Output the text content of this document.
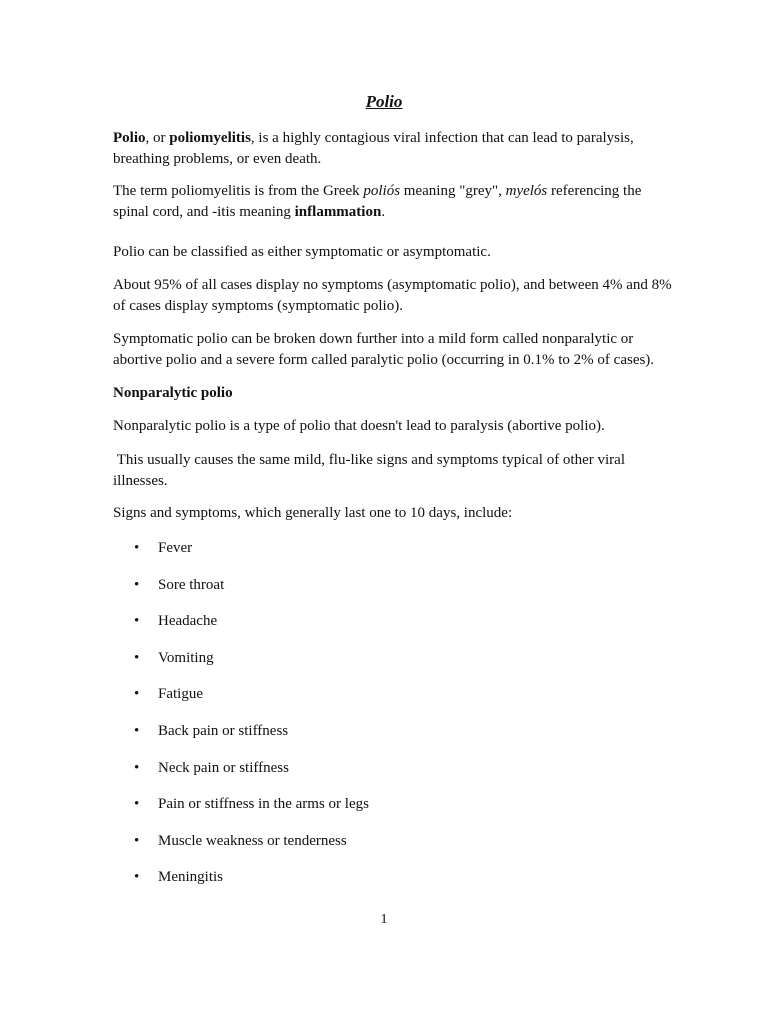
Polio

Polio, or poliomyelitis, is a highly contagious viral infection that can lead to paralysis, breathing problems, or even death.

The term poliomyelitis is from the Greek poliós meaning "grey", myelós referencing the spinal cord, and -itis meaning inflammation.

Polio can be classified as either symptomatic or asymptomatic.

About 95% of all cases display no symptoms (asymptomatic polio), and between 4% and 8% of cases display symptoms (symptomatic polio).

Symptomatic polio can be broken down further into a mild form called nonparalytic or abortive polio and a severe form called paralytic polio (occurring in 0.1% to 2% of cases).

Nonparalytic polio

Nonparalytic polio is a type of polio that doesn't lead to paralysis (abortive polio).

This usually causes the same mild, flu-like signs and symptoms typical of other viral illnesses.

Signs and symptoms, which generally last one to 10 days, include:

• Fever
• Sore throat
• Headache
• Vomiting
• Fatigue
• Back pain or stiffness
• Neck pain or stiffness
• Pain or stiffness in the arms or legs
• Muscle weakness or tenderness
• Meningitis
1
